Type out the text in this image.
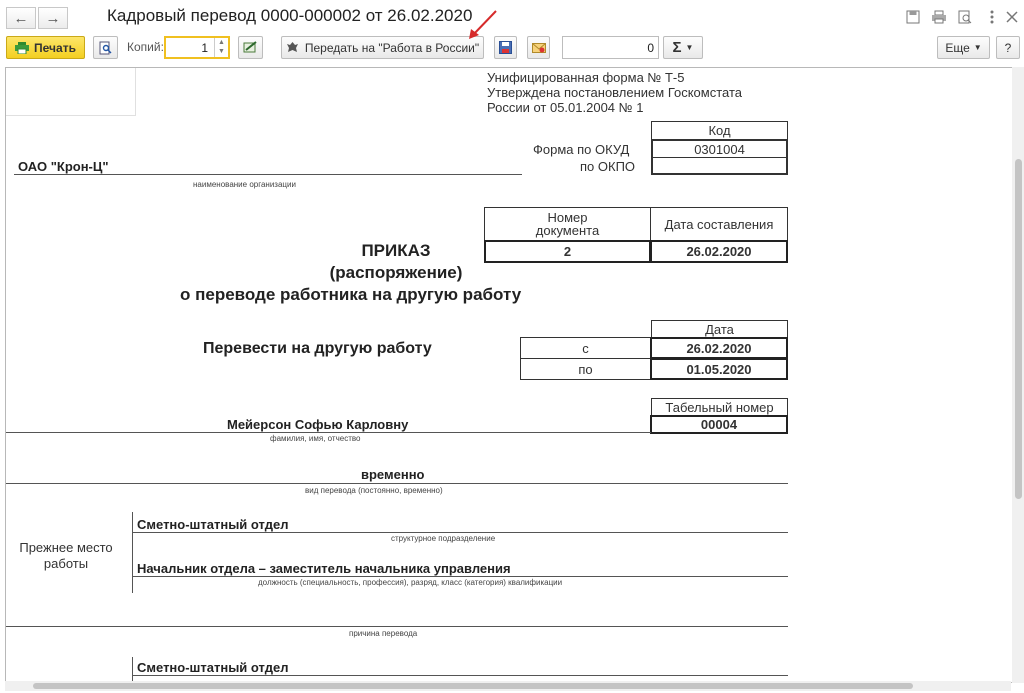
← →	Кадровый перевод 0000-000002 от 26.02.2020
Печать	Копий:	1	▲
▼	Передать на "Работа в России"	0 Σ ▼	Еще ▼ ?
Унифицированная форма № Т-5
Утверждена постановлением Госкомстата
России от 05.01.2004 № 1
Код
Форма по ОКУД	0301004
по ОКПО
ОАО "Крон-Ц"
наименование организации
Номер документа	Дата составления
2	26.02.2020
ПРИКАЗ
(распоряжение)
о переводе работника на другую работу
Дата
Перевести на другую работу	с	26.02.2020
по	01.05.2020
Табельный номер
00004
Мейерсон Софью Карловну
фамилия, имя, отчество
временно
вид перевода (постоянно, временно)
Прежнее место
работы
Сметно-штатный отдел
структурное подразделение
Начальник отдела – заместитель начальника управления
должность (специальность, профессия), разряд, класс (категория) квалификации
причина перевода
Сметно-штатный отдел
